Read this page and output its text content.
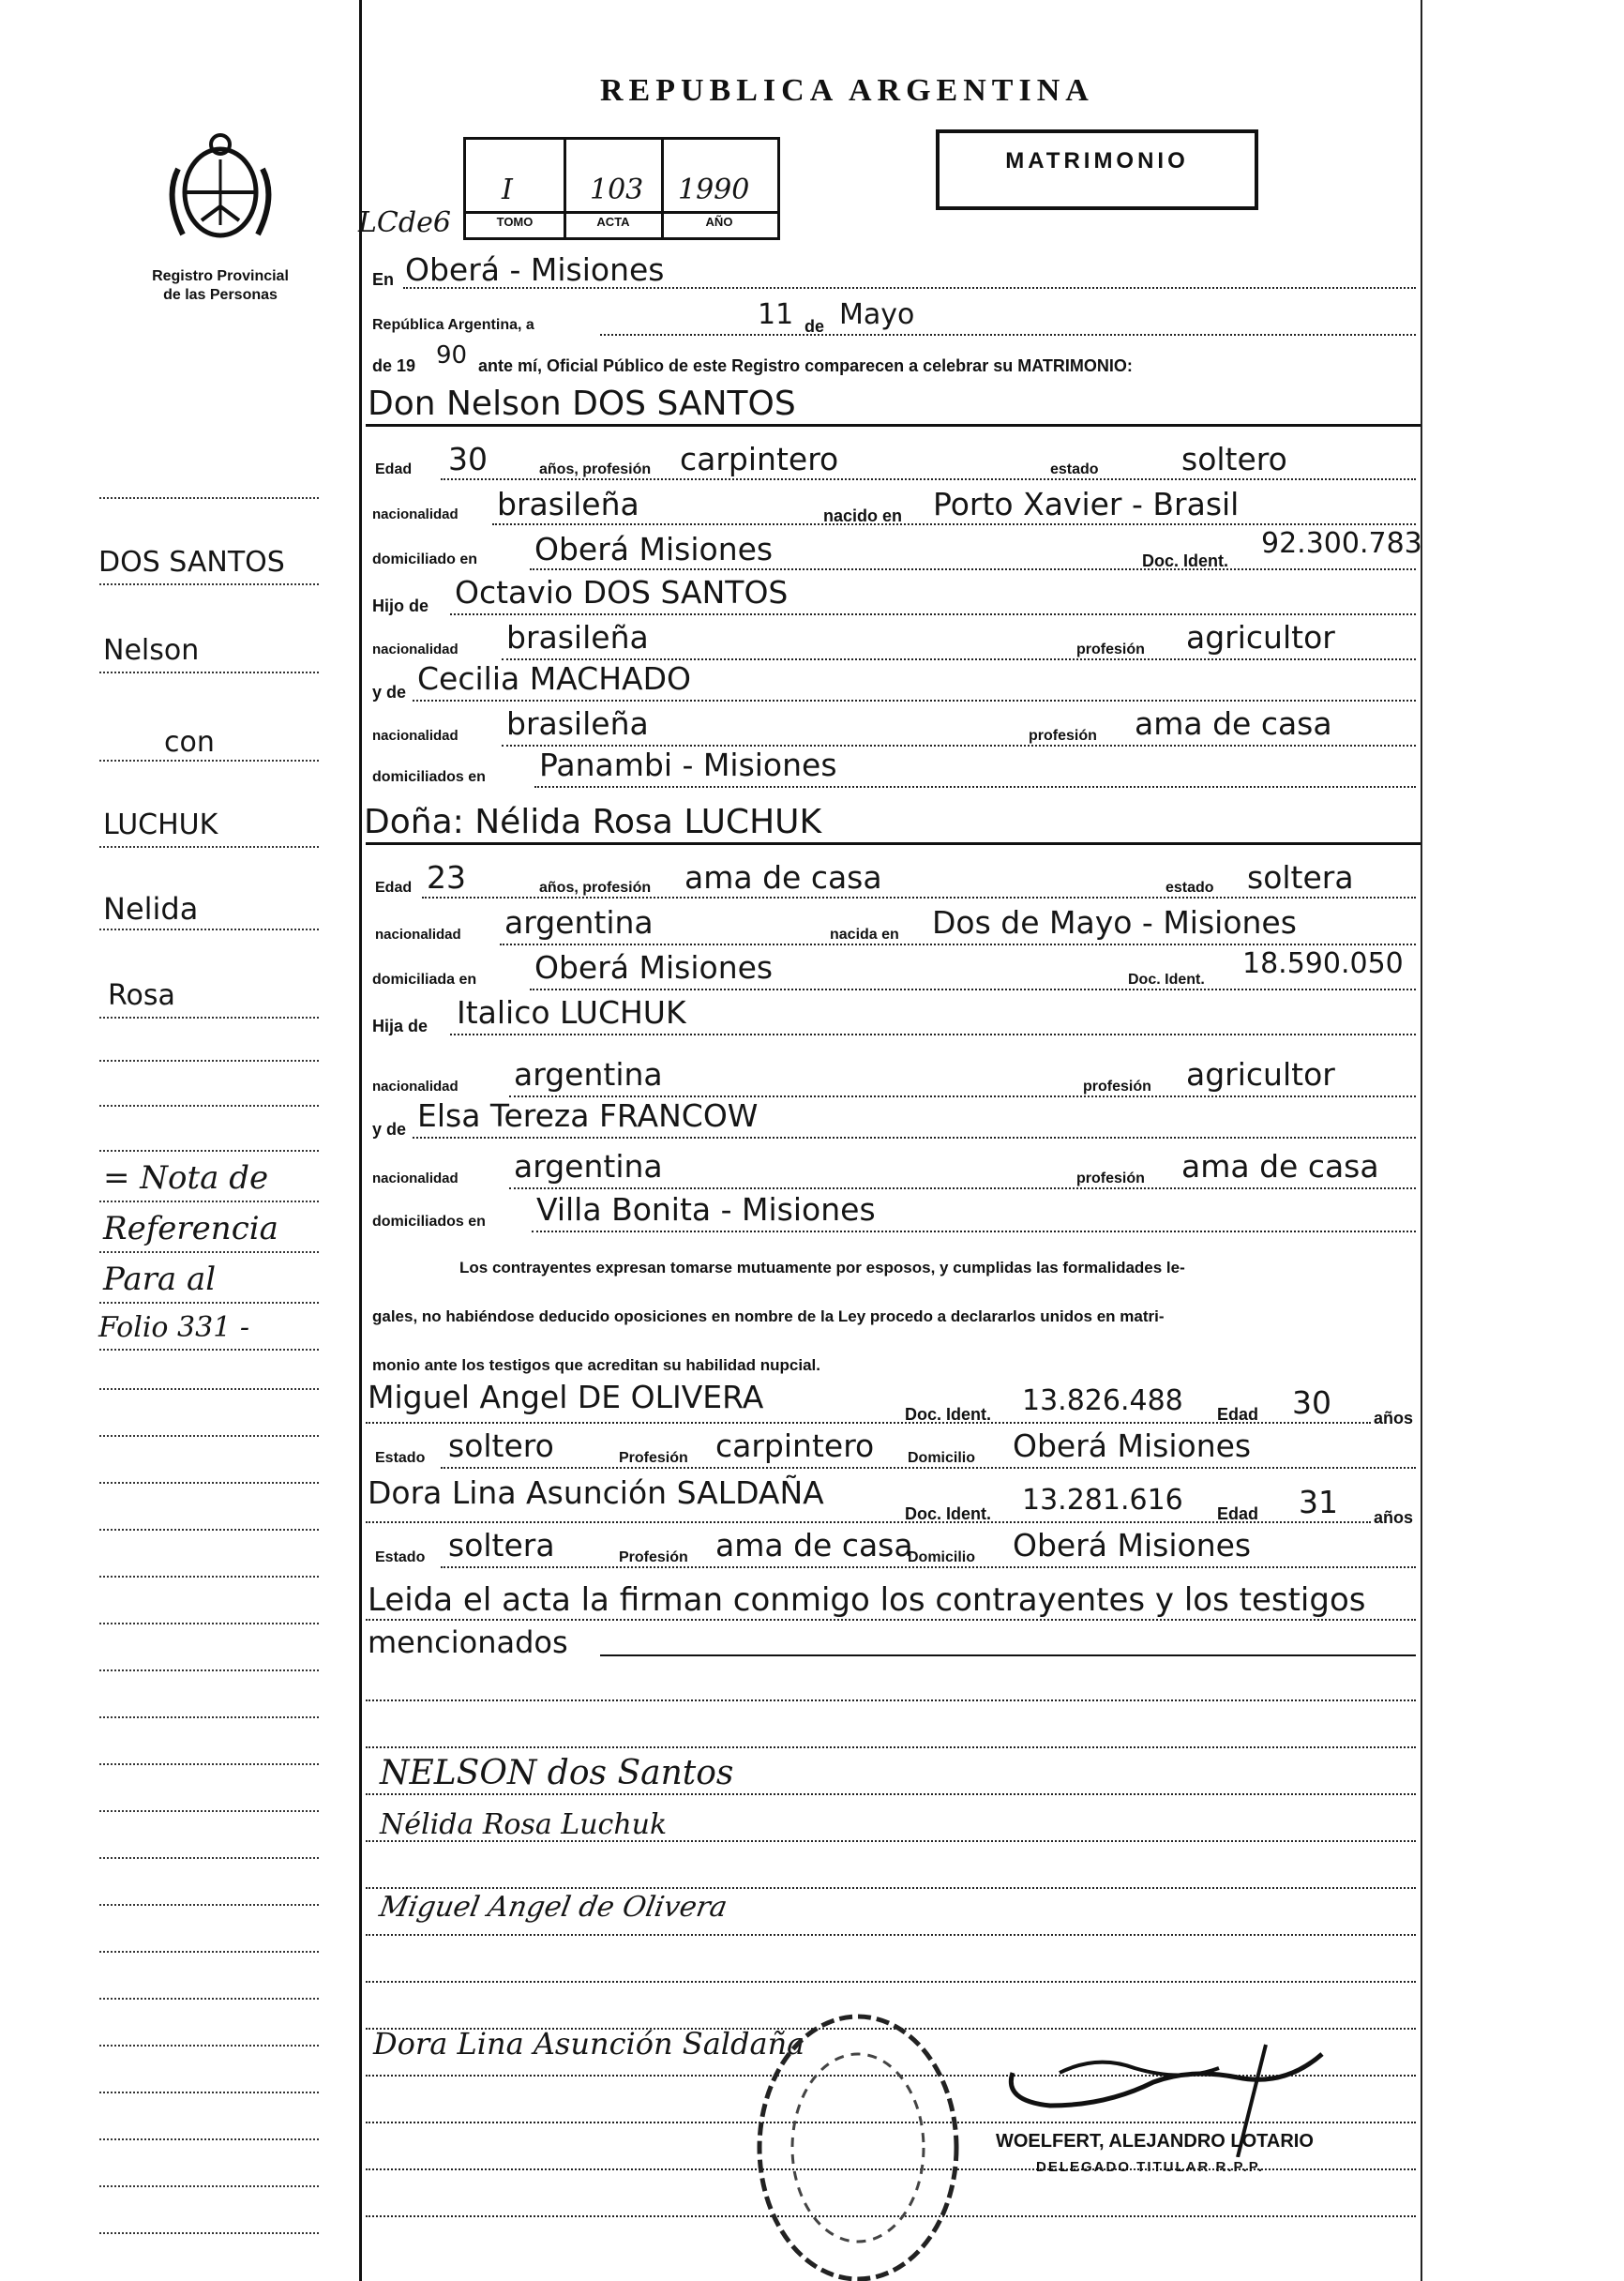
Registro Provincial
de las Personas
REPUBLICA ARGENTINA
MATRIMONIO
LCde6
I	103 1990
TOMO	ACTA	AÑO
En Oberá - Misiones
República Argentina, a	11 de Mayo
de 19 90 ante mí, Oficial Público de este Registro comparecen a celebrar su MATRIMONIO:
Don Nelson DOS SANTOS
Edad 30	años, profesión carpintero	estado	soltero
nacionalidad brasileña	nacido en Porto Xavier - Brasil
domiciliado en Oberá Misiones	Doc. Ident.
92.300.783
Hijo de Octavio DOS SANTOS
nacionalidad brasileña	profesión agricultor
y de Cecilia MACHADO
nacionalidad brasileña	profesión ama de casa
domiciliados en Panambi - Misiones
Doña: Nélida Rosa LUCHUK
Edad 23	años, profesión ama de casa	estado soltera
nacionalidad argentina	nacida en Dos de Mayo - Misiones
domiciliada en Oberá Misiones	Doc. Ident. 18.590.050
Hija de Italico LUCHUK
nacionalidad argentina	profesión agricultor
y de Elsa Tereza FRANCOW
nacionalidad argentina	profesión ama de casa
domiciliados en Villa Bonita - Misiones
Los contrayentes expresan tomarse mutuamente por esposos, y cumplidas las formalidades le-
gales, no habiéndose deducido oposiciones en nombre de la Ley procedo a declararlos unidos en matri-
monio ante los testigos que acreditan su habilidad nupcial.
Miguel Angel DE OLIVERA	Doc. Ident. 13.826.488 Edad 30	años
Estado soltero	Profesión carpintero Domicilio Oberá Misiones
Dora Lina Asunción SALDAÑA
Doc. Ident. 13.281.616 Edad 31 años
Estado soltera	Profesión ama de casa
Domicilio Oberá Misiones
Leida el acta la firman conmigo los contrayentes y los testigos
mencionados
NELSON dos Santos
Nélida Rosa Luchuk
Miguel Angel de Olivera
Dora Lina Asunción Saldaña
WOELFERT, ALEJANDRO LOTARIO
DELEGADO TITULAR R.P.P.
DOS SANTOS
Nelson
con
LUCHUK
Nelida
Rosa
= Nota de
Referencia
Para al
Folio 331 -
